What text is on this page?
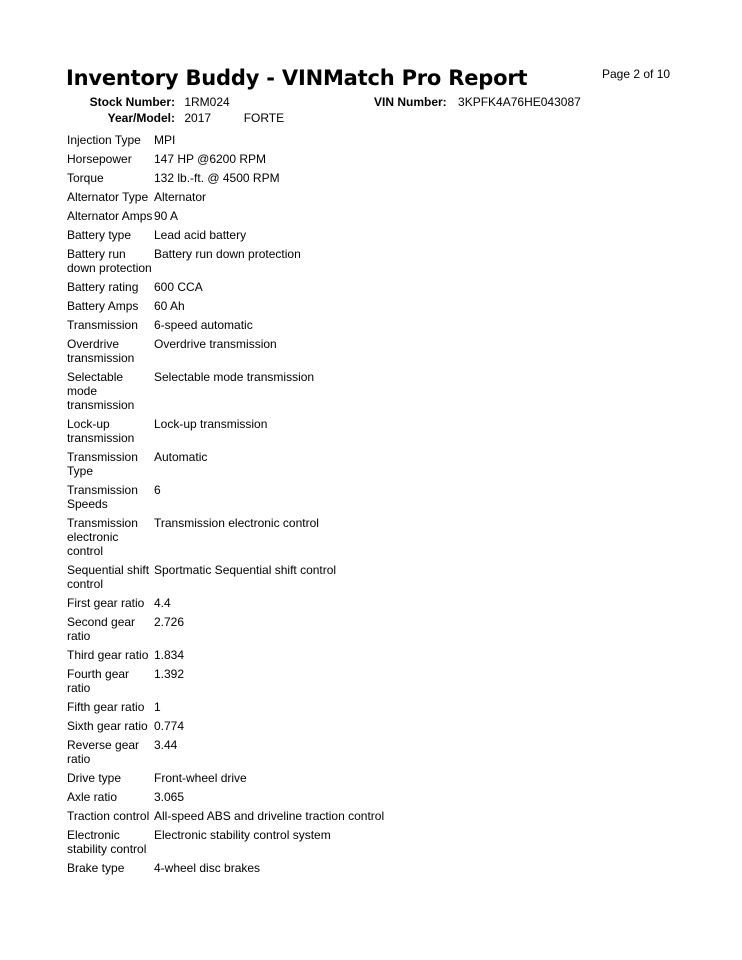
Inventory Buddy - VINMatch Pro Report	Page 2 of 10
Stock Number: 1RM024
Year/Model: 2017	FORTE
VIN Number: 3KPFK4A76HE043087
Injection Type	MPI
Horsepower	147 HP @6200 RPM
Torque	132 lb.-ft. @ 4500 RPM
Alternator Type	Alternator
Alternator Amps	90 A
Battery type	Lead acid battery
Battery run down protection	Battery run down protection
Battery rating	600 CCA
Battery Amps	60 Ah
Transmission	6-speed automatic
Overdrive transmission	Overdrive transmission
Selectable mode transmission	Selectable mode transmission
Lock-up transmission	Lock-up transmission
Transmission Type	Automatic
Transmission Speeds	6
Transmission electronic control	Transmission electronic control
Sequential shift control	Sportmatic Sequential shift control
First gear ratio	4.4
Second gear ratio	2.726
Third gear ratio	1.834
Fourth gear ratio	1.392
Fifth gear ratio	1
Sixth gear ratio	0.774
Reverse gear ratio	3.44
Drive type	Front-wheel drive
Axle ratio	3.065
Traction control	All-speed ABS and driveline traction control
Electronic stability control	Electronic stability control system
Brake type	4-wheel disc brakes
